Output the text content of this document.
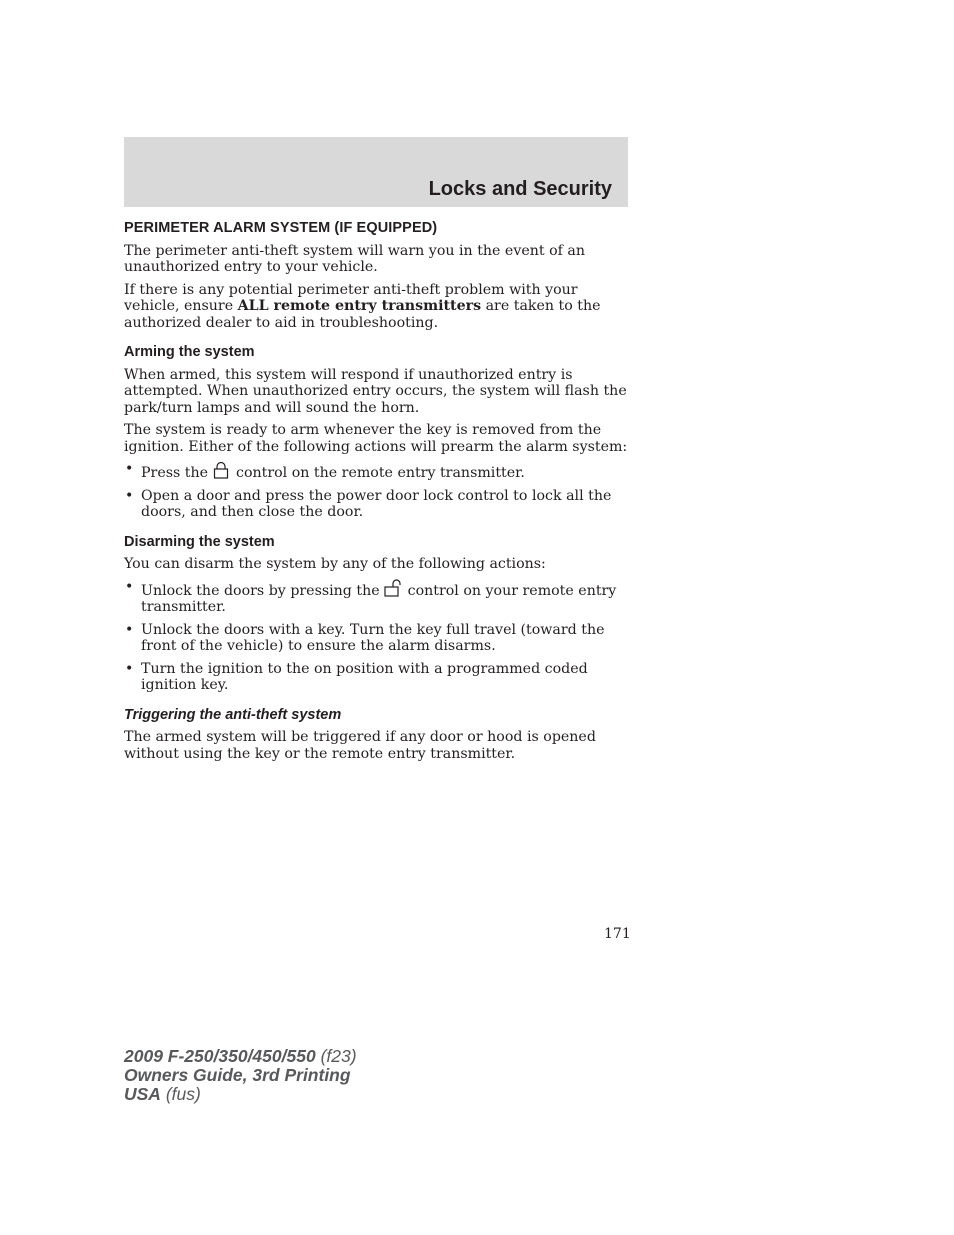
Locks and Security
PERIMETER ALARM SYSTEM (IF EQUIPPED)

The perimeter anti-theft system will warn you in the event of an unauthorized entry to your vehicle.

If there is any potential perimeter anti-theft problem with your vehicle, ensure ALL remote entry transmitters are taken to the authorized dealer to aid in troubleshooting.

Arming the system

When armed, this system will respond if unauthorized entry is attempted. When unauthorized entry occurs, the system will flash the park/turn lamps and will sound the horn.

The system is ready to arm whenever the key is removed from the ignition. Either of the following actions will prearm the alarm system:

• Press the control on the remote entry transmitter.
• Open a door and press the power door lock control to lock all the doors, and then close the door.
Disarming the system

You can disarm the system by any of the following actions:

• Unlock the doors by pressing the control on your remote entry transmitter.
• Unlock the doors with a key. Turn the key full travel (toward the front of the vehicle) to ensure the alarm disarms.
• Turn the ignition to the on position with a programmed coded ignition key.
Triggering the anti-theft system

The armed system will be triggered if any door or hood is opened without using the key or the remote entry transmitter.

171
2009 F-250/350/450/550 (f23)
Owners Guide, 3rd Printing
USA (fus)
